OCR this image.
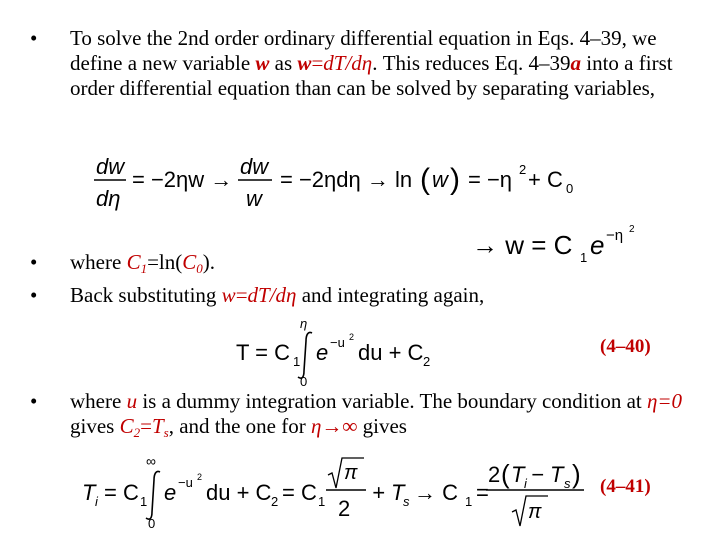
• To solve the 2nd order ordinary differential equation in Eqs. 4–39, we define a new variable w as w=dT/dη. This reduces Eq. 4–39a into a first order differential equation than can be solved by separating variables,
dw
dη
= −2ηw →
dw
w
= −2ηdη → ln ( w ) = −η 2 + C 0
→ w = C 1 e −η 2
• where $C_1=\ln(C_0)$.
• Back substituting w=dT/dη and integrating again,
T = C 1
η
0
e −u 2
du + C 2
(4–40)
• where u is a dummy integration variable. The boundary condition at η=0 gives $C_2=T_s$, and the one for η→∞ gives
T i = C 1
∞
0
e −u 2
du + C 2 = C 1
π
2
+ T
s → C 1 =
2 ( T i − T s )
π
(4–41)
